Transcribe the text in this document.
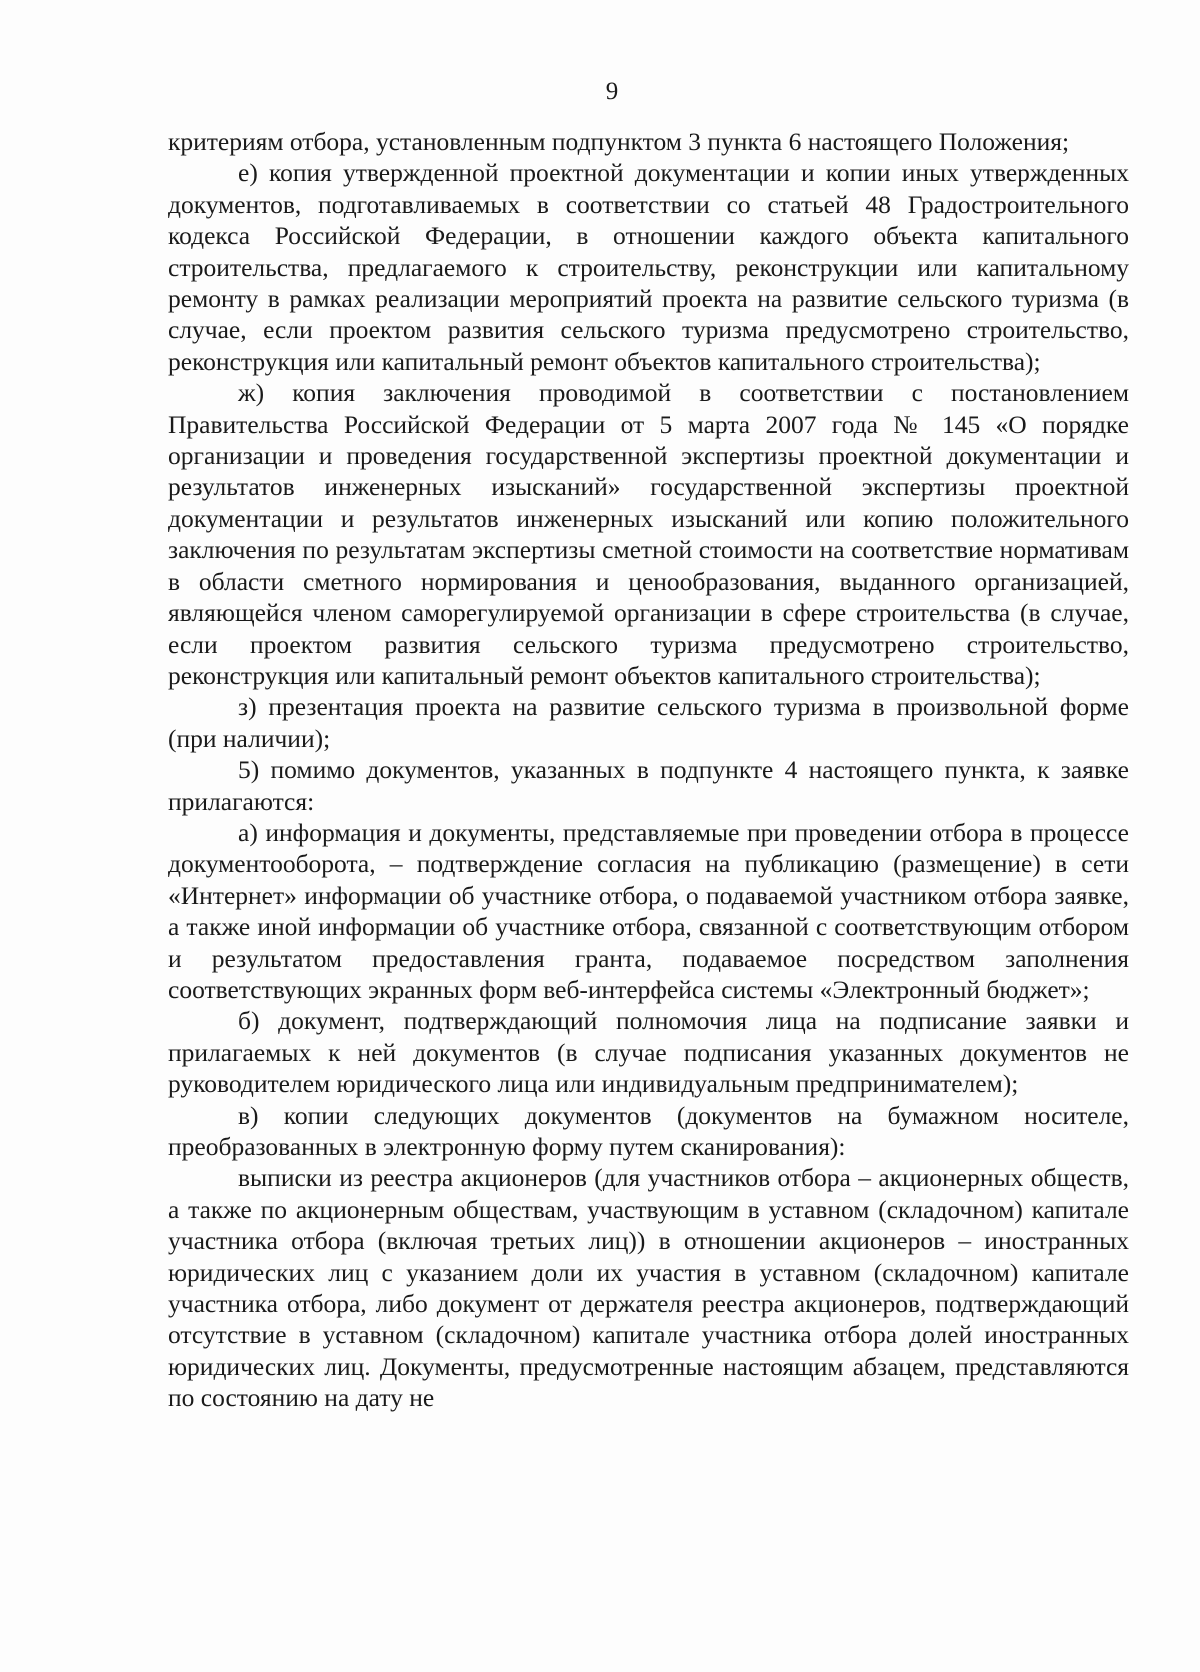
9

критериям отбора, установленным подпунктом 3 пункта 6 настоящего Положения;

е) копия утвержденной проектной документации и копии иных утвержденных документов, подготавливаемых в соответствии со статьей 48 Градостроительного кодекса Российской Федерации, в отношении каждого объекта капитального строительства, предлагаемого к строительству, реконструкции или капитальному ремонту в рамках реализации мероприятий проекта на развитие сельского туризма (в случае, если проектом развития сельского туризма предусмотрено строительство, реконструкция или капитальный ремонт объектов капитального строительства);

ж) копия заключения проводимой в соответствии с постановлением Правительства Российской Федерации от 5 марта 2007 года № 145 «О порядке организации и проведения государственной экспертизы проектной документации и результатов инженерных изысканий» государственной экспертизы проектной документации и результатов инженерных изысканий или копию положительного заключения по результатам экспертизы сметной стоимости на соответствие нормативам в области сметного нормирования и ценообразования, выданного организацией, являющейся членом саморегулируемой организации в сфере строительства (в случае, если проектом развития сельского туризма предусмотрено строительство, реконструкция или капитальный ремонт объектов капитального строительства);

з) презентация проекта на развитие сельского туризма в произвольной форме (при наличии);

5) помимо документов, указанных в подпункте 4 настоящего пункта, к заявке прилагаются:

а) информация и документы, представляемые при проведении отбора в процессе документооборота, – подтверждение согласия на публикацию (размещение) в сети «Интернет» информации об участнике отбора, о подаваемой участником отбора заявке, а также иной информации об участнике отбора, связанной с соответствующим отбором и результатом предоставления гранта, подаваемое посредством заполнения соответствующих экранных форм веб-интерфейса системы «Электронный бюджет»;

б) документ, подтверждающий полномочия лица на подписание заявки и прилагаемых к ней документов (в случае подписания указанных документов не руководителем юридического лица или индивидуальным предпринимателем);

в) копии следующих документов (документов на бумажном носителе, преобразованных в электронную форму путем сканирования):

выписки из реестра акционеров (для участников отбора – акционерных обществ, а также по акционерным обществам, участвующим в уставном (складочном) капитале участника отбора (включая третьих лиц)) в отношении акционеров – иностранных юридических лиц с указанием доли их участия в уставном (складочном) капитале участника отбора, либо документ от держателя реестра акционеров, подтверждающий отсутствие в уставном (складочном) капитале участника отбора долей иностранных юридических лиц. Документы, предусмотренные настоящим абзацем, представляются по состоянию на дату не
